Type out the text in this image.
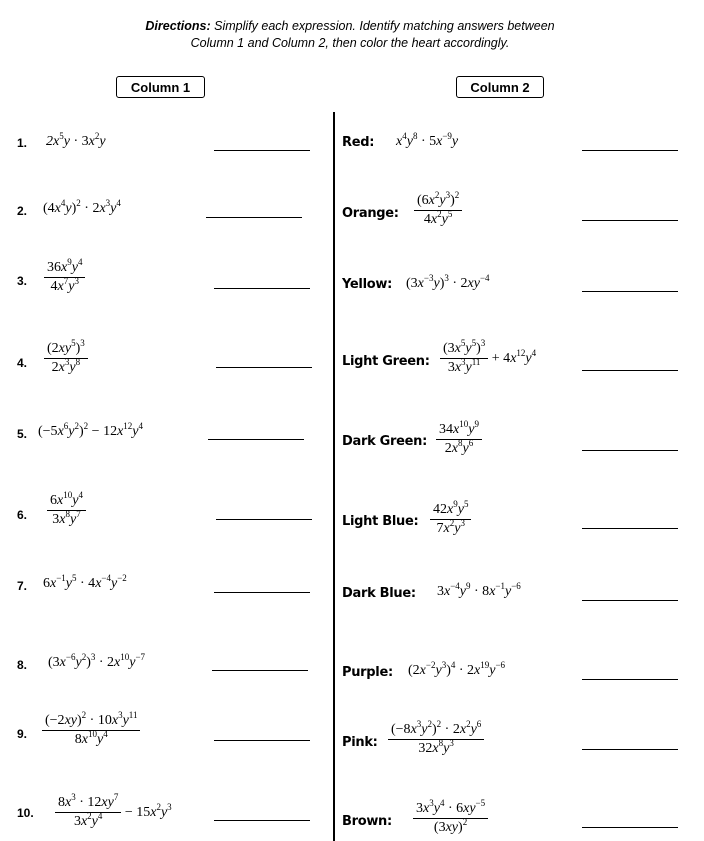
Directions: Simplify each expression. Identify matching answers between
Column 1 and Column 2, then color the heart accordingly.
Column 1	Column 2
1. $2x^5y \cdot 3x^2y$
2. $(4x^4y)^2 \cdot 2x^3y^4$
3. $\frac{36x^9y^4}{4x^7y^3}$
4. $\frac{(2xy^5)^3}{2x^3y^8}$
5. $(-5x^6y^2)^2 - 12x^{12}y^4$
6. $\frac{6x^{10}y^4}{3x^8y^7}$
7. $6x^{-1}y^5 \cdot 4x^{-4}y^{-2}$
8. $(3x^{-6}y^2)^3 \cdot 2x^{10}y^{-7}$
9. $\frac{(-2xy)^2 \cdot 10x^3y^{11}}{8x^{10}y^4}$
10. $\frac{8x^3 \cdot 12xy^7}{3x^2y^4} - 15x^2y^3$
Red: $x^4y^8 \cdot 5x^{-9}y$
Orange: $\frac{(6x^2y^3)^2}{4x^2y^5}$
Yellow: $(3x^{-3}y)^3 \cdot 2xy^{-4}$
Light Green: $\frac{(3x^5y^5)^3}{3x^3y^{11}} + 4x^{12}y^4$
Dark Green: $\frac{34x^{10}y^9}{2x^8y^6}$
Light Blue: $\frac{42x^9y^5}{7x^2y^3}$
Dark Blue: $3x^{-4}y^9 \cdot 8x^{-1}y^{-6}$
Purple: $(2x^{-2}y^3)^4 \cdot 2x^{19}y^{-6}$
Pink: $\frac{(-8x^3y^2)^2 \cdot 2x^2y^6}{32x^8y^3}$
Brown: $\frac{3x^3y^4 \cdot 6xy^{-5}}{(3xy)^2}$
